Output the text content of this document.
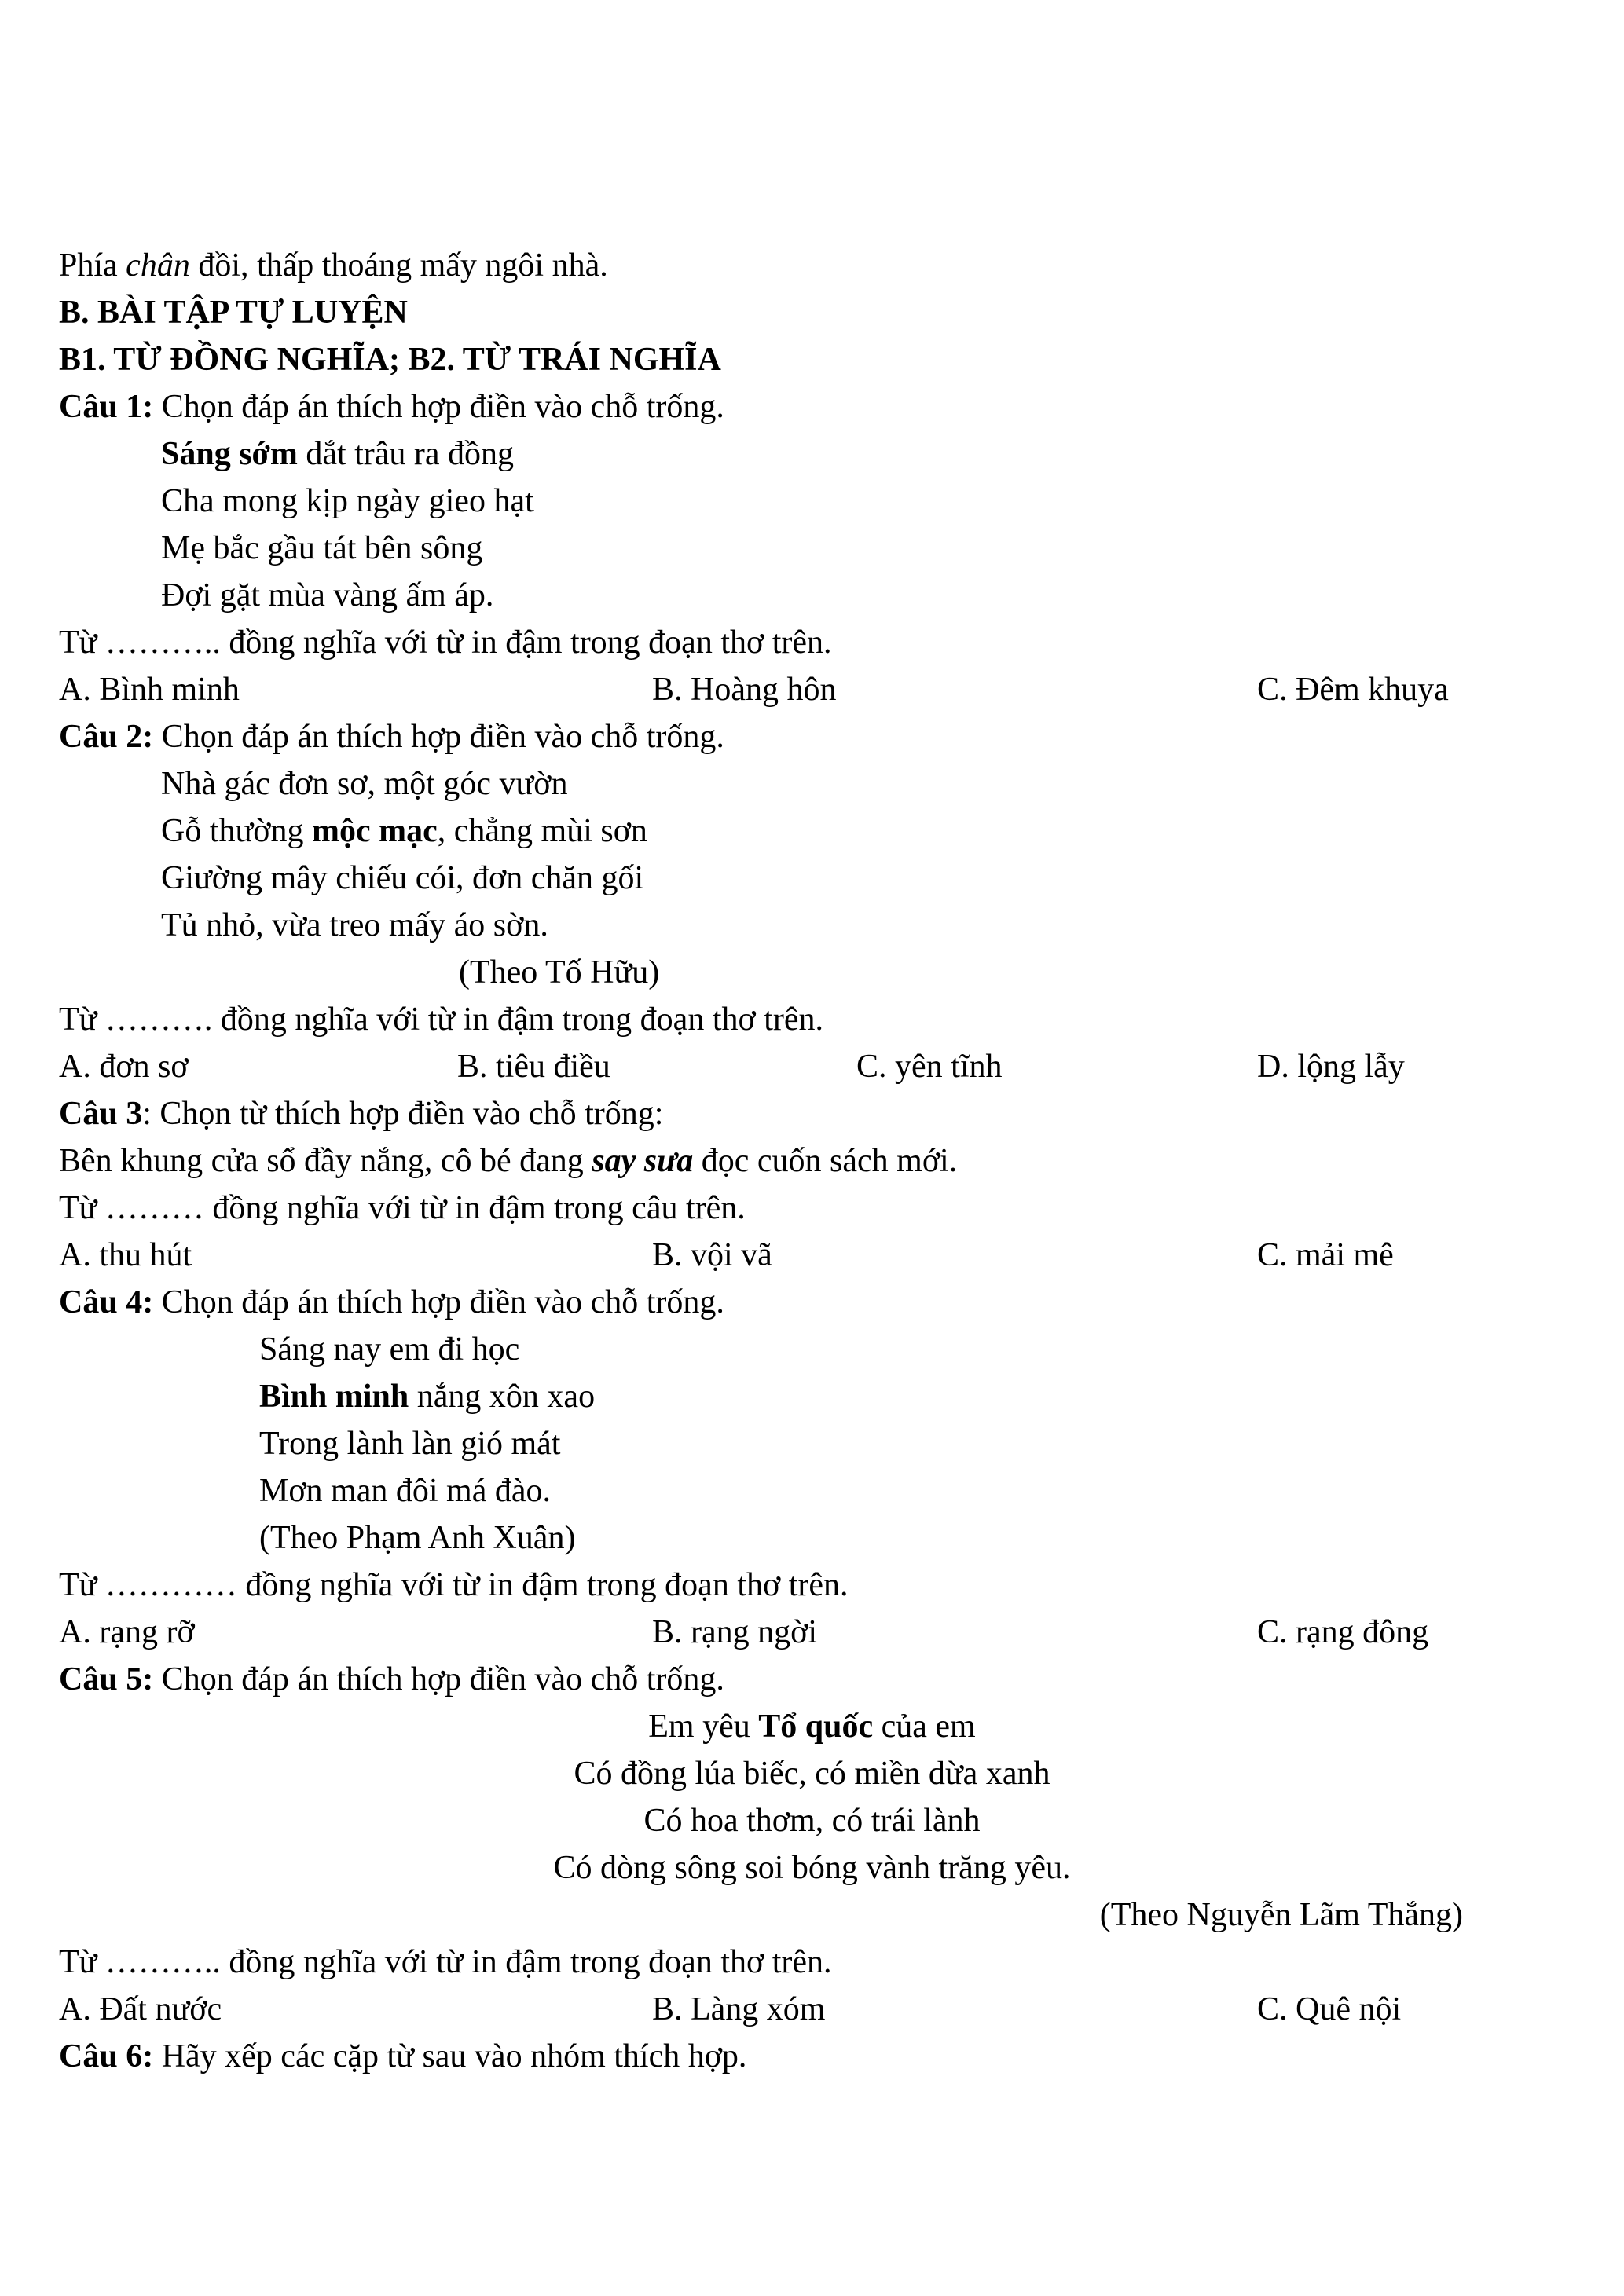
Phía chân đồi, thấp thoáng mấy ngôi nhà.
B. BÀI TẬP TỰ LUYỆN
B1. TỪ ĐỒNG NGHĨA; B2. TỪ TRÁI NGHĨA
Câu 1: Chọn đáp án thích hợp điền vào chỗ trống.
Sáng sớm dắt trâu ra đồng
Cha mong kịp ngày gieo hạt
Mẹ bắc gầu tát bên sông
Đợi gặt mùa vàng ấm áp.
Từ ……….. đồng nghĩa với từ in đậm trong đoạn thơ trên.
A. Bình minh	B. Hoàng hôn	C. Đêm khuya
Câu 2: Chọn đáp án thích hợp điền vào chỗ trống.
Nhà gác đơn sơ, một góc vườn
Gỗ thường mộc mạc, chẳng mùi sơn
Giường mây chiếu cói, đơn chăn gối
Tủ nhỏ, vừa treo mấy áo sờn.
(Theo Tố Hữu)
Từ ………. đồng nghĩa với từ in đậm trong đoạn thơ trên.
A. đơn sơ	B. tiêu điều	C. yên tĩnh	D. lộng lẫy
Câu 3: Chọn từ thích hợp điền vào chỗ trống:
Bên khung cửa sổ đầy nắng, cô bé đang say sưa đọc cuốn sách mới.
Từ ……… đồng nghĩa với từ in đậm trong câu trên.
A. thu hút	B. vội vã	C. mải mê
Câu 4: Chọn đáp án thích hợp điền vào chỗ trống.
Sáng nay em đi học
Bình minh nắng xôn xao
Trong lành làn gió mát
Mơn man đôi má đào.
(Theo Phạm Anh Xuân)
Từ ………… đồng nghĩa với từ in đậm trong đoạn thơ trên.
A. rạng rỡ	B. rạng ngời	C. rạng đông
Câu 5: Chọn đáp án thích hợp điền vào chỗ trống.
Em yêu Tổ quốc của em
Có đồng lúa biếc, có miền dừa xanh
Có hoa thơm, có trái lành
Có dòng sông soi bóng vành trăng yêu.
(Theo Nguyễn Lãm Thắng)
Từ ……….. đồng nghĩa với từ in đậm trong đoạn thơ trên.
A. Đất nước	B. Làng xóm	C. Quê nội
Câu 6: Hãy xếp các cặp từ sau vào nhóm thích hợp.
